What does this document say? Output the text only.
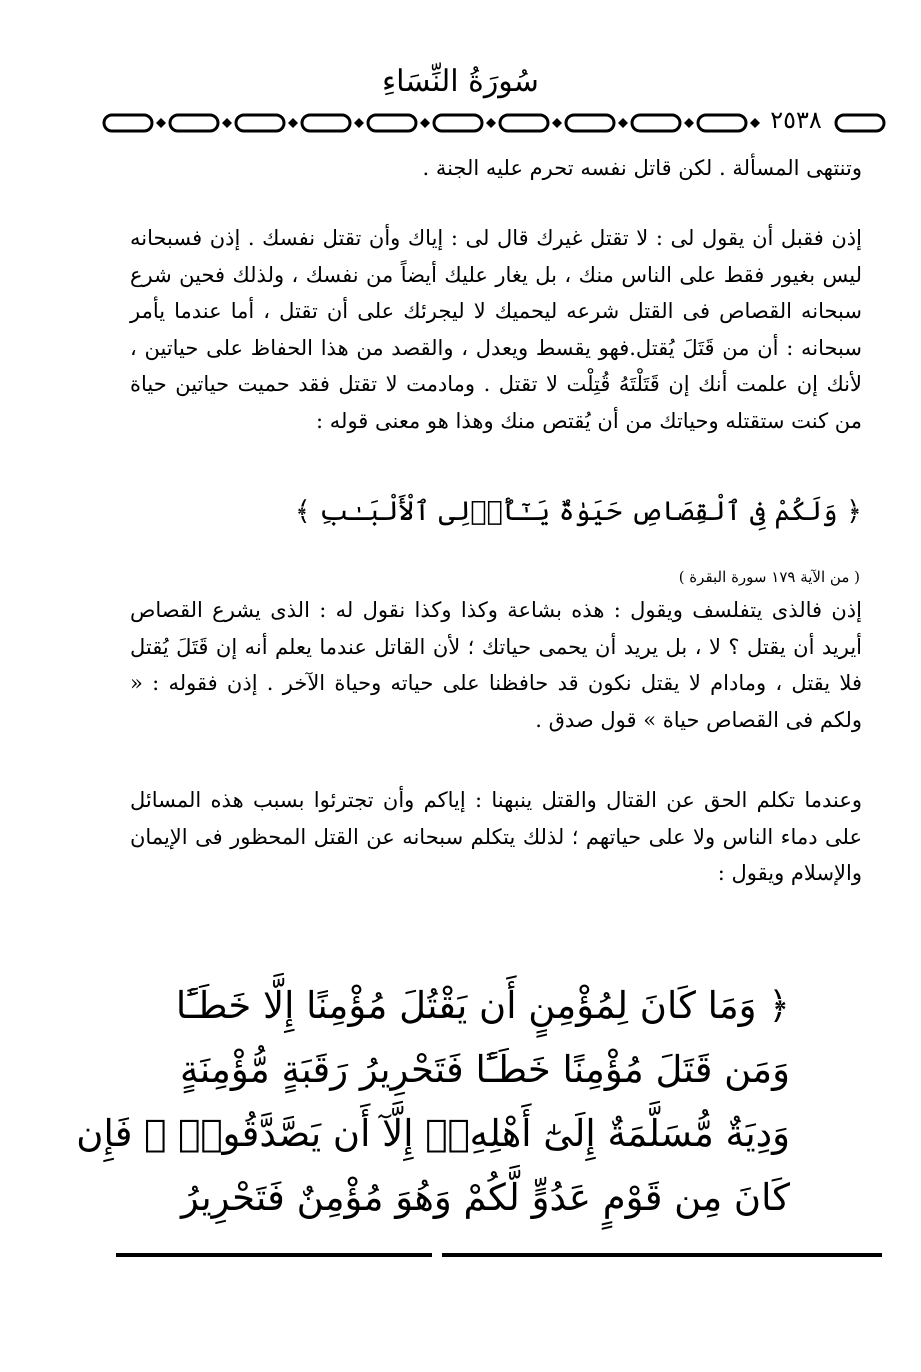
سُورَةُ النِّسَاءِ
٢٥٣٨
وتنتهى المسألة . لكن قاتل نفسه تحرم عليه الجنة .
إذن فقبل أن يقول لى : لا تقتل غيرك قال لى : إياك وأن تقتل نفسك . إذن فسبحانه ليس بغيور فقط على الناس منك ، بل يغار عليك أيضاً من نفسك ، ولذلك فحين شرع سبحانه القصاص فى القتل شرعه ليحميك لا ليجرئك على أن تقتل ، أما عندما يأمر سبحانه : أن من قَتَلَ يُقتل.فهو يقسط ويعدل ، والقصد من هذا الحفاظ على حياتين ، لأنك إن علمت أنك إن قَتَلْتَهُ قُتِلْت لا تقتل . ومادمت لا تقتل فقد حميت حياتين حياة من كنت ستقتله وحياتك من أن يُقتص منك وهذا هو معنى قوله :
﴿ وَلَكُمْ فِى ٱلْقِصَاصِ حَيَوٰةٌ يَـٰٓأُو۟لِى ٱلْأَلْبَـٰبِ ﴾
( من الآية ١٧٩ سورة البقرة )
إذن فالذى يتفلسف ويقول : هذه بشاعة وكذا وكذا نقول له : الذى يشرع القصاص أيريد أن يقتل ؟ لا ، بل يريد أن يحمى حياتك ؛ لأن القاتل عندما يعلم أنه إن قَتَلَ يُقتل فلا يقتل ، ومادام لا يقتل نكون قد حافظنا على حياته وحياة الآخر . إذن فقوله : « ولكم فى القصاص حياة » قول صدق .
وعندما تكلم الحق عن القتال والقتل ينبهنا : إياكم وأن تجترئوا بسبب هذه المسائل على دماء الناس ولا على حياتهم ؛ لذلك يتكلم سبحانه عن القتل المحظور فى الإيمان والإسلام ويقول :
﴿ وَمَا كَانَ لِمُؤْمِنٍ أَن يَقْتُلَ مُؤْمِنًا إِلَّا خَطَـًٔا
وَمَن قَتَلَ مُؤْمِنًا خَطَـًٔا فَتَحْرِيرُ رَقَبَةٍ مُّؤْمِنَةٍ
وَدِيَةٌ مُّسَلَّمَةٌ إِلَىٰٓ أَهْلِهِۦٓ إِلَّآ أَن يَصَّدَّقُوا۟ ۚ فَإِن
كَانَ مِن قَوْمٍ عَدُوٍّ لَّكُمْ وَهُوَ مُؤْمِنٌ فَتَحْرِيرُ
